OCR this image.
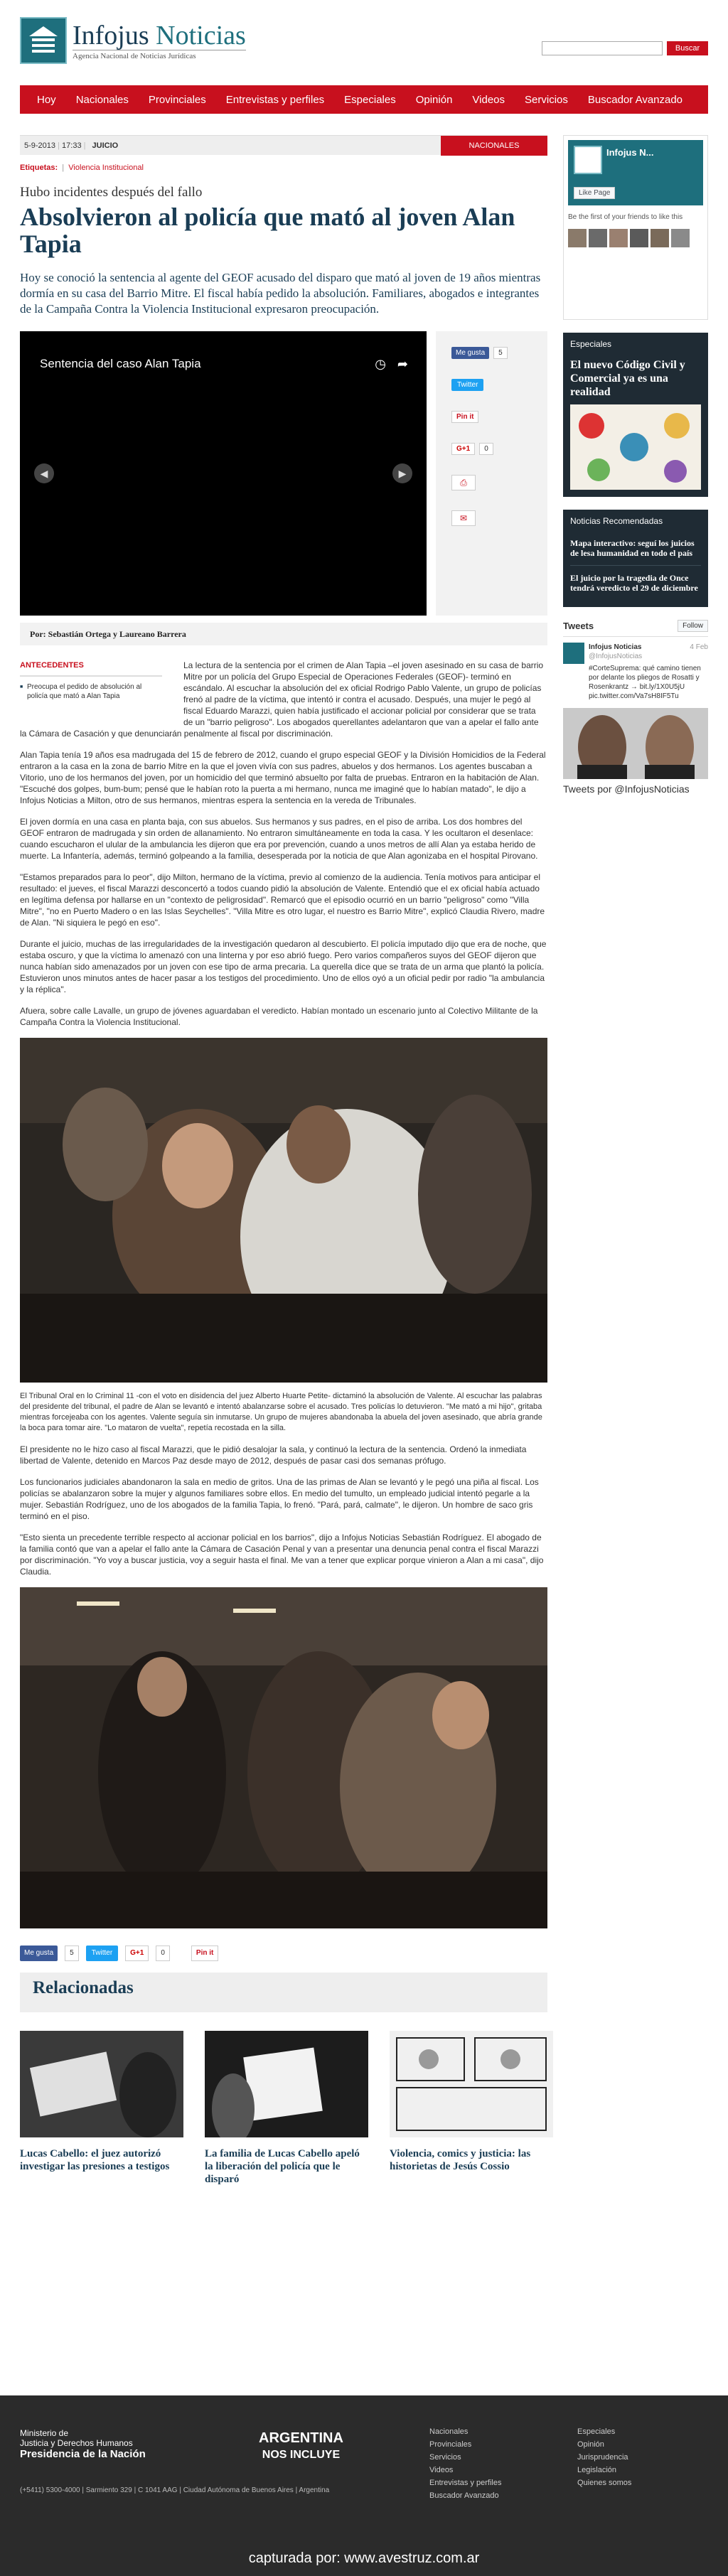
Infojus Noticias
Agencia Nacional de Noticias Jurídicas
Buscar
Hoy	Nacionales	Provinciales	Entrevistas y perfiles	Especiales	Opinión	Videos	Servicios	Buscador Avanzado
5-9-2013 | 17:33 | JUICIO	NACIONALES
Etiquetas:  |  Violencia Institucional
Hubo incidentes después del fallo
Absolvieron al policía que mató al joven Alan Tapia

Hoy se conoció la sentencia al agente del GEOF acusado del disparo que mató al joven de 19 años mientras dormía en su casa del Barrio Mitre. El fiscal había pedido la absolución. Familiares, abogados e integrantes de la Campaña Contra la Violencia Institucional expresaron preocupación.

Sentencia del caso Alan Tapia	◷ ➦
◀	▶
Me gusta	5
Twitter
Pin it
G+1	0
⎙
✉
Por: Sebastián Ortega y Laureano Barrera
ANTECEDENTES

■ Preocupa el pedido de absolución al policía que mató a Alan Tapia

La lectura de la sentencia por el crimen de Alan Tapia –el joven asesinado en su casa de barrio Mitre por un policía del Grupo Especial de Operaciones Federales (GEOF)- terminó en escándalo. Al escuchar la absolución del ex oficial Rodrigo Pablo Valente, un grupo de policías frenó al padre de la víctima, que intentó ir contra el acusado. Después, una mujer le pegó al fiscal Eduardo Marazzi, quien había justificado el accionar policial por considerar que se trata de un "barrio peligroso". Los abogados querellantes adelantaron que van a apelar el fallo ante la Cámara de Casación y que denunciarán penalmente al fiscal por discriminación.

Alan Tapia tenía 19 años esa madrugada del 15 de febrero de 2012, cuando el grupo especial GEOF y la División Homicidios de la Federal entraron a la casa en la zona de barrio Mitre en la que el joven vivía con sus padres, abuelos y dos hermanos. Los agentes buscaban a Vitorio, uno de los hermanos del joven, por un homicidio del que terminó absuelto por falta de pruebas. Entraron en la habitación de Alan. "Escuché dos golpes, bum-bum; pensé que le habían roto la puerta a mi hermano, nunca me imaginé que lo habían matado", le dijo a Infojus Noticias a Milton, otro de sus hermanos, mientras espera la sentencia en la vereda de Tribunales.

El joven dormía en una casa en planta baja, con sus abuelos. Sus hermanos y sus padres, en el piso de arriba. Los dos hombres del GEOF entraron de madrugada y sin orden de allanamiento. No entraron simultáneamente en toda la casa. Y les ocultaron el desenlace: cuando escucharon el ulular de la ambulancia les dijeron que era por prevención, cuando a unos metros de allí Alan ya estaba herido de muerte. La Infantería, además, terminó golpeando a la familia, desesperada por la noticia de que Alan agonizaba en el hospital Pirovano.

"Estamos preparados para lo peor", dijo Milton, hermano de la víctima, previo al comienzo de la audiencia. Tenía motivos para anticipar el resultado: el jueves, el fiscal Marazzi desconcertó a todos cuando pidió la absolución de Valente. Entendió que el ex oficial había actuado en legítima defensa por hallarse en un "contexto de peligrosidad". Remarcó que el episodio ocurrió en un barrio "peligroso" como "Villa Mitre", "no en Puerto Madero o en las Islas Seychelles". "Villa Mitre es otro lugar, el nuestro es Barrio Mitre", explicó Claudia Rivero, madre de Alan. "Ni siquiera le pegó en eso".

Durante el juicio, muchas de las irregularidades de la investigación quedaron al descubierto. El policía imputado dijo que era de noche, que estaba oscuro, y que la víctima lo amenazó con una linterna y por eso abrió fuego. Pero varios compañeros suyos del GEOF dijeron que nunca habían sido amenazados por un joven con ese tipo de arma precaria. La querella dice que se trata de un arma que plantó la policía. Estuvieron unos minutos antes de hacer pasar a los testigos del procedimiento. Uno de ellos oyó a un oficial pedir por radio "la ambulancia y la réplica".

Afuera, sobre calle Lavalle, un grupo de jóvenes aguardaban el veredicto. Habían montado un escenario junto al Colectivo Militante de la Campaña Contra la Violencia Institucional.

El Tribunal Oral en lo Criminal 11 -con el voto en disidencia del juez Alberto Huarte Petite- dictaminó la absolución de Valente. Al escuchar las palabras del presidente del tribunal, el padre de Alan se levantó e intentó abalanzarse sobre el acusado. Tres policías lo detuvieron. "Me mató a mi hijo", gritaba mientras forcejeaba con los agentes. Valente seguía sin inmutarse. Un grupo de mujeres abandonaba la abuela del joven asesinado, que abría grande la boca para tomar aire. "Lo mataron de vuelta", repetía recostada en la silla.

El presidente no le hizo caso al fiscal Marazzi, que le pidió desalojar la sala, y continuó la lectura de la sentencia. Ordenó la inmediata libertad de Valente, detenido en Marcos Paz desde mayo de 2012, después de pasar casi dos semanas prófugo.

Los funcionarios judiciales abandonaron la sala en medio de gritos. Una de las primas de Alan se levantó y le pegó una piña al fiscal. Los policías se abalanzaron sobre la mujer y algunos familiares sobre ellos. En medio del tumulto, un empleado judicial intentó pegarle a la mujer. Sebastián Rodríguez, uno de los abogados de la familia Tapia, lo frenó. "Pará, pará, calmate", le dijeron. Un hombre de saco gris terminó en el piso.

"Esto sienta un precedente terrible respecto al accionar policial en los barrios", dijo a Infojus Noticias Sebastián Rodríguez. El abogado de la familia contó que van a apelar el fallo ante la Cámara de Casación Penal y van a presentar una denuncia penal contra el fiscal Marazzi por discriminación. "Yo voy a buscar justicia, voy a seguir hasta el final. Me van a tener que explicar porque vinieron a Alan a mi casa", dijo Claudia.

Me gusta	5	Twitter	G+1	0	Pin it
Relacionadas
Lucas Cabello: el juez autorizó investigar las presiones a testigos
La familia de Lucas Cabello apeló la liberación del policía que le disparó
Violencia, comics y justicia: las historietas de Jesús Cossio
Infojus N...
Like Page
Be the first of your friends to like this
Especiales
El nuevo Código Civil y Comercial ya es una realidad
Noticias Recomendadas
Mapa interactivo: seguí los juicios de lesa humanidad en todo el país
El juicio por la tragedia de Once tendrá veredicto el 29 de diciembre
Tweets	Follow
Infojus Noticias	4 Feb

@InfojusNoticias
#CorteSuprema: qué camino tienen por delante los pliegos de Rosatti y Rosenkrantz → bit.ly/1X0U5jU pic.twitter.com/Va7sH8IF5Tu
Tweets por @InfojusNoticias
Ministerio de
Justicia y Derechos Humanos
Presidencia de la Nación
ARGENTINA
NOS INCLUYE
(+5411) 5300-4000 | Sarmiento 329 | C 1041 AAG | Ciudad Autónoma de Buenos Aires | Argentina
Nacionales
Provinciales
Servicios
Videos
Entrevistas y perfiles
Buscador Avanzado
Especiales
Opinión
Jurisprudencia
Legislación
Quienes somos
capturada por: www.avestruz.com.ar
